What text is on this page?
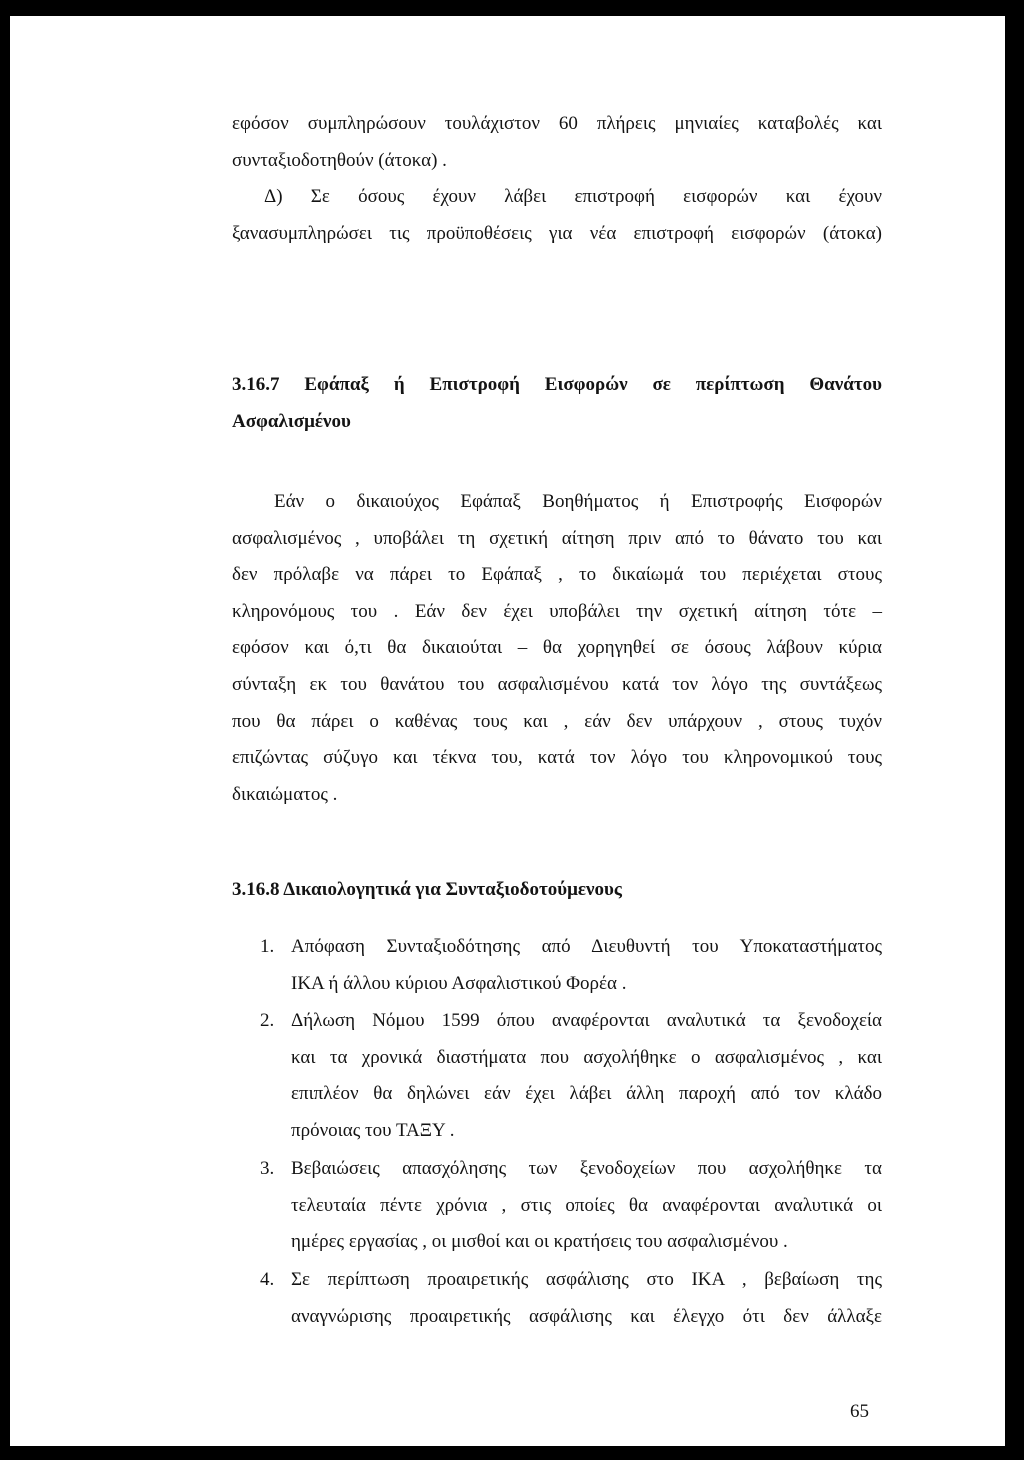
εφόσον συμπληρώσουν τουλάχιστον 60 πλήρεις μηνιαίες καταβολές και
συνταξιοδοτηθούν (άτοκα) .
Δ) Σε όσους έχουν λάβει επιστροφή εισφορών και έχουν
ξανασυμπληρώσει τις προϋποθέσεις για νέα επιστροφή εισφορών (άτοκα)
3.16.7 Εφάπαξ ή Επιστροφή Εισφορών σε περίπτωση Θανάτου
Ασφαλισμένου
Εάν ο δικαιούχος Εφάπαξ Βοηθήματος ή Επιστροφής Εισφορών
ασφαλισμένος , υποβάλει τη σχετική αίτηση πριν από το θάνατο του και
δεν πρόλαβε να πάρει το Εφάπαξ , το δικαίωμά του περιέχεται στους
κληρονόμους του . Εάν δεν έχει υποβάλει την σχετική αίτηση τότε –
εφόσον και ό,τι θα δικαιούται – θα χορηγηθεί σε όσους λάβουν κύρια
σύνταξη εκ του θανάτου του ασφαλισμένου κατά τον λόγο της συντάξεως
που θα πάρει ο καθένας τους και , εάν δεν υπάρχουν , στους τυχόν
επιζώντας σύζυγο και τέκνα του, κατά τον λόγο του κληρονομικού τους
δικαιώματος .
3.16.8 Δικαιολογητικά για Συνταξιοδοτούμενους
1. Απόφαση Συνταξιοδότησης από Διευθυντή του Υποκαταστήματος
ΙΚΑ ή άλλου κύριου Ασφαλιστικού Φορέα .
2. Δήλωση Νόμου 1599 όπου αναφέρονται αναλυτικά τα ξενοδοχεία
και τα χρονικά διαστήματα που ασχολήθηκε ο ασφαλισμένος , και
επιπλέον θα δηλώνει εάν έχει λάβει άλλη παροχή από τον κλάδο
πρόνοιας του ΤΑΞΥ .
3. Βεβαιώσεις απασχόλησης των ξενοδοχείων που ασχολήθηκε τα
τελευταία πέντε χρόνια , στις οποίες θα αναφέρονται αναλυτικά οι
ημέρες εργασίας , οι μισθοί και οι κρατήσεις του ασφαλισμένου .
4. Σε περίπτωση προαιρετικής ασφάλισης στο ΙΚΑ , βεβαίωση της
αναγνώρισης προαιρετικής ασφάλισης και έλεγχο ότι δεν άλλαξε
65
